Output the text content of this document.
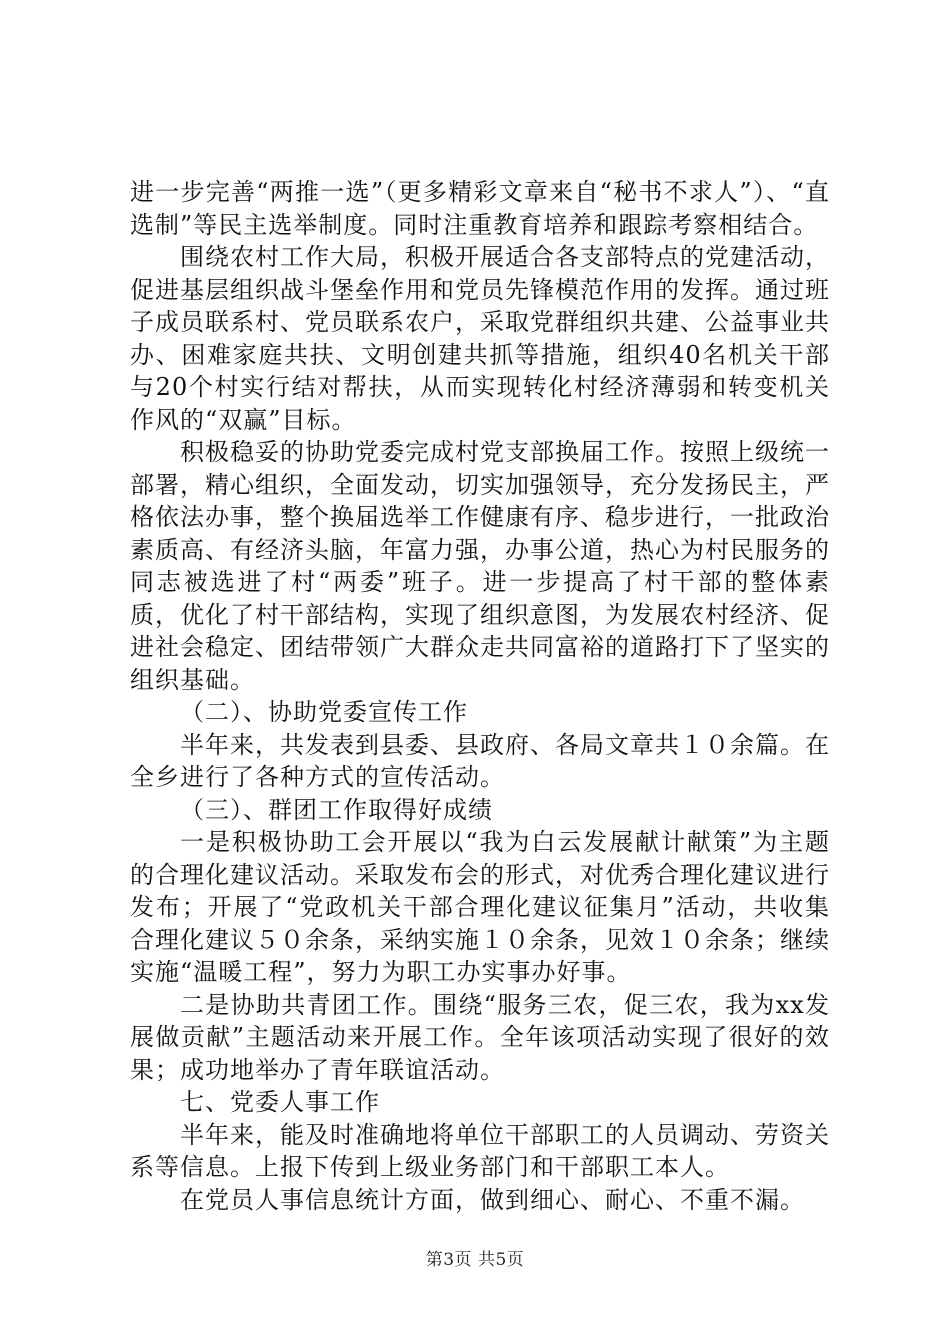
进一步完善“两推一选”（更多精彩文章来自“秘书不求人”）、“直选制”等民主选举制度。同时注重教育培养和跟踪考察相结合。

围绕农村工作大局，积极开展适合各支部特点的党建活动，促进基层组织战斗堡垒作用和党员先锋模范作用的发挥。通过班子成员联系村、党员联系农户，采取党群组织共建、公益事业共办、困难家庭共扶、文明创建共抓等措施，组织40名机关干部与20个村实行结对帮扶，从而实现转化村经济薄弱和转变机关作风的“双赢”目标。

积极稳妥的协助党委完成村党支部换届工作。按照上级统一部署，精心组织，全面发动，切实加强领导，充分发扬民主，严格依法办事，整个换届选举工作健康有序、稳步进行，一批政治素质高、有经济头脑，年富力强，办事公道，热心为村民服务的同志被选进了村“两委”班子。进一步提高了村干部的整体素质，优化了村干部结构，实现了组织意图，为发展农村经济、促进社会稳定、团结带领广大群众走共同富裕的道路打下了坚实的组织基础。

（二）、协助党委宣传工作

半年来，共发表到县委、县政府、各局文章共１０余篇。在全乡进行了各种方式的宣传活动。

（三）、群团工作取得好成绩

一是积极协助工会开展以“我为白云发展献计献策”为主题的合理化建议活动。采取发布会的形式，对优秀合理化建议进行发布；开展了“党政机关干部合理化建议征集月”活动，共收集合理化建议５０余条，采纳实施１０余条，见效１０余条；继续实施“温暖工程”，努力为职工办实事办好事。

二是协助共青团工作。围绕“服务三农，促三农，我为xx发展做贡献”主题活动来开展工作。全年该项活动实现了很好的效果；成功地举办了青年联谊活动。

七、党委人事工作

半年来，能及时准确地将单位干部职工的人员调动、劳资关系等信息。上报下传到上级业务部门和干部职工本人。

在党员人事信息统计方面，做到细心、耐心、不重不漏。

第3页 共5页
